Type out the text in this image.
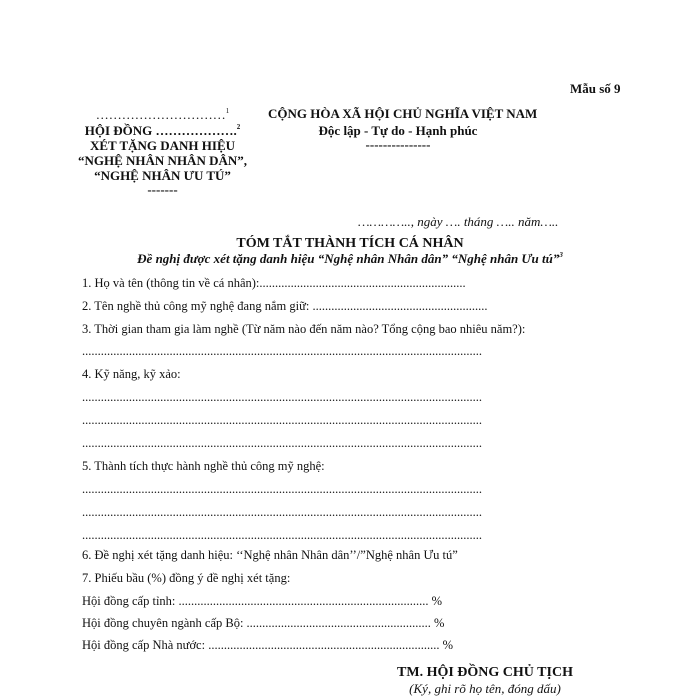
Mẫu số 9
…………………………$^1$
HỘI ĐỒNG ……………….$^2$
XÉT TẶNG DANH HIỆU
“NGHỆ NHÂN NHÂN DÂN”,
“NGHỆ NHÂN ƯU TÚ”
-------
CỘNG HÒA XÃ HỘI CHỦ NGHĨA VIỆT NAM
Độc lập - Tự do - Hạnh phúc
---------------
………….., ngày …. tháng ….. năm…..
TÓM TẮT THÀNH TÍCH CÁ NHÂN
Đề nghị được xét tặng danh hiệu “Nghệ nhân Nhân dân” “Nghệ nhân Ưu tú”$^3$
1. Họ và tên (thông tin về cá nhân):..................................................................
2. Tên nghề thủ công mỹ nghệ đang nắm giữ: ........................................................
3. Thời gian tham gia làm nghề (Từ năm nào đến năm nào? Tổng cộng bao nhiêu năm?):
................................................................................................................................
4. Kỹ năng, kỹ xảo:
................................................................................................................................
................................................................................................................................
................................................................................................................................
5. Thành tích thực hành nghề thủ công mỹ nghệ:
................................................................................................................................
................................................................................................................................
................................................................................................................................
6. Đề nghị xét tặng danh hiệu: ‘‘Nghệ nhân Nhân dân’’/”Nghệ nhân Ưu tú”
7. Phiếu bầu (%) đồng ý đề nghị xét tặng:
Hội đồng cấp tỉnh: ................................................................................ %
Hội đồng chuyên ngành cấp Bộ: ........................................................... %
Hội đồng cấp Nhà nước: .......................................................................... %
TM. HỘI ĐỒNG CHỦ TỊCH
(Ký, ghi rõ họ tên, đóng dấu)
